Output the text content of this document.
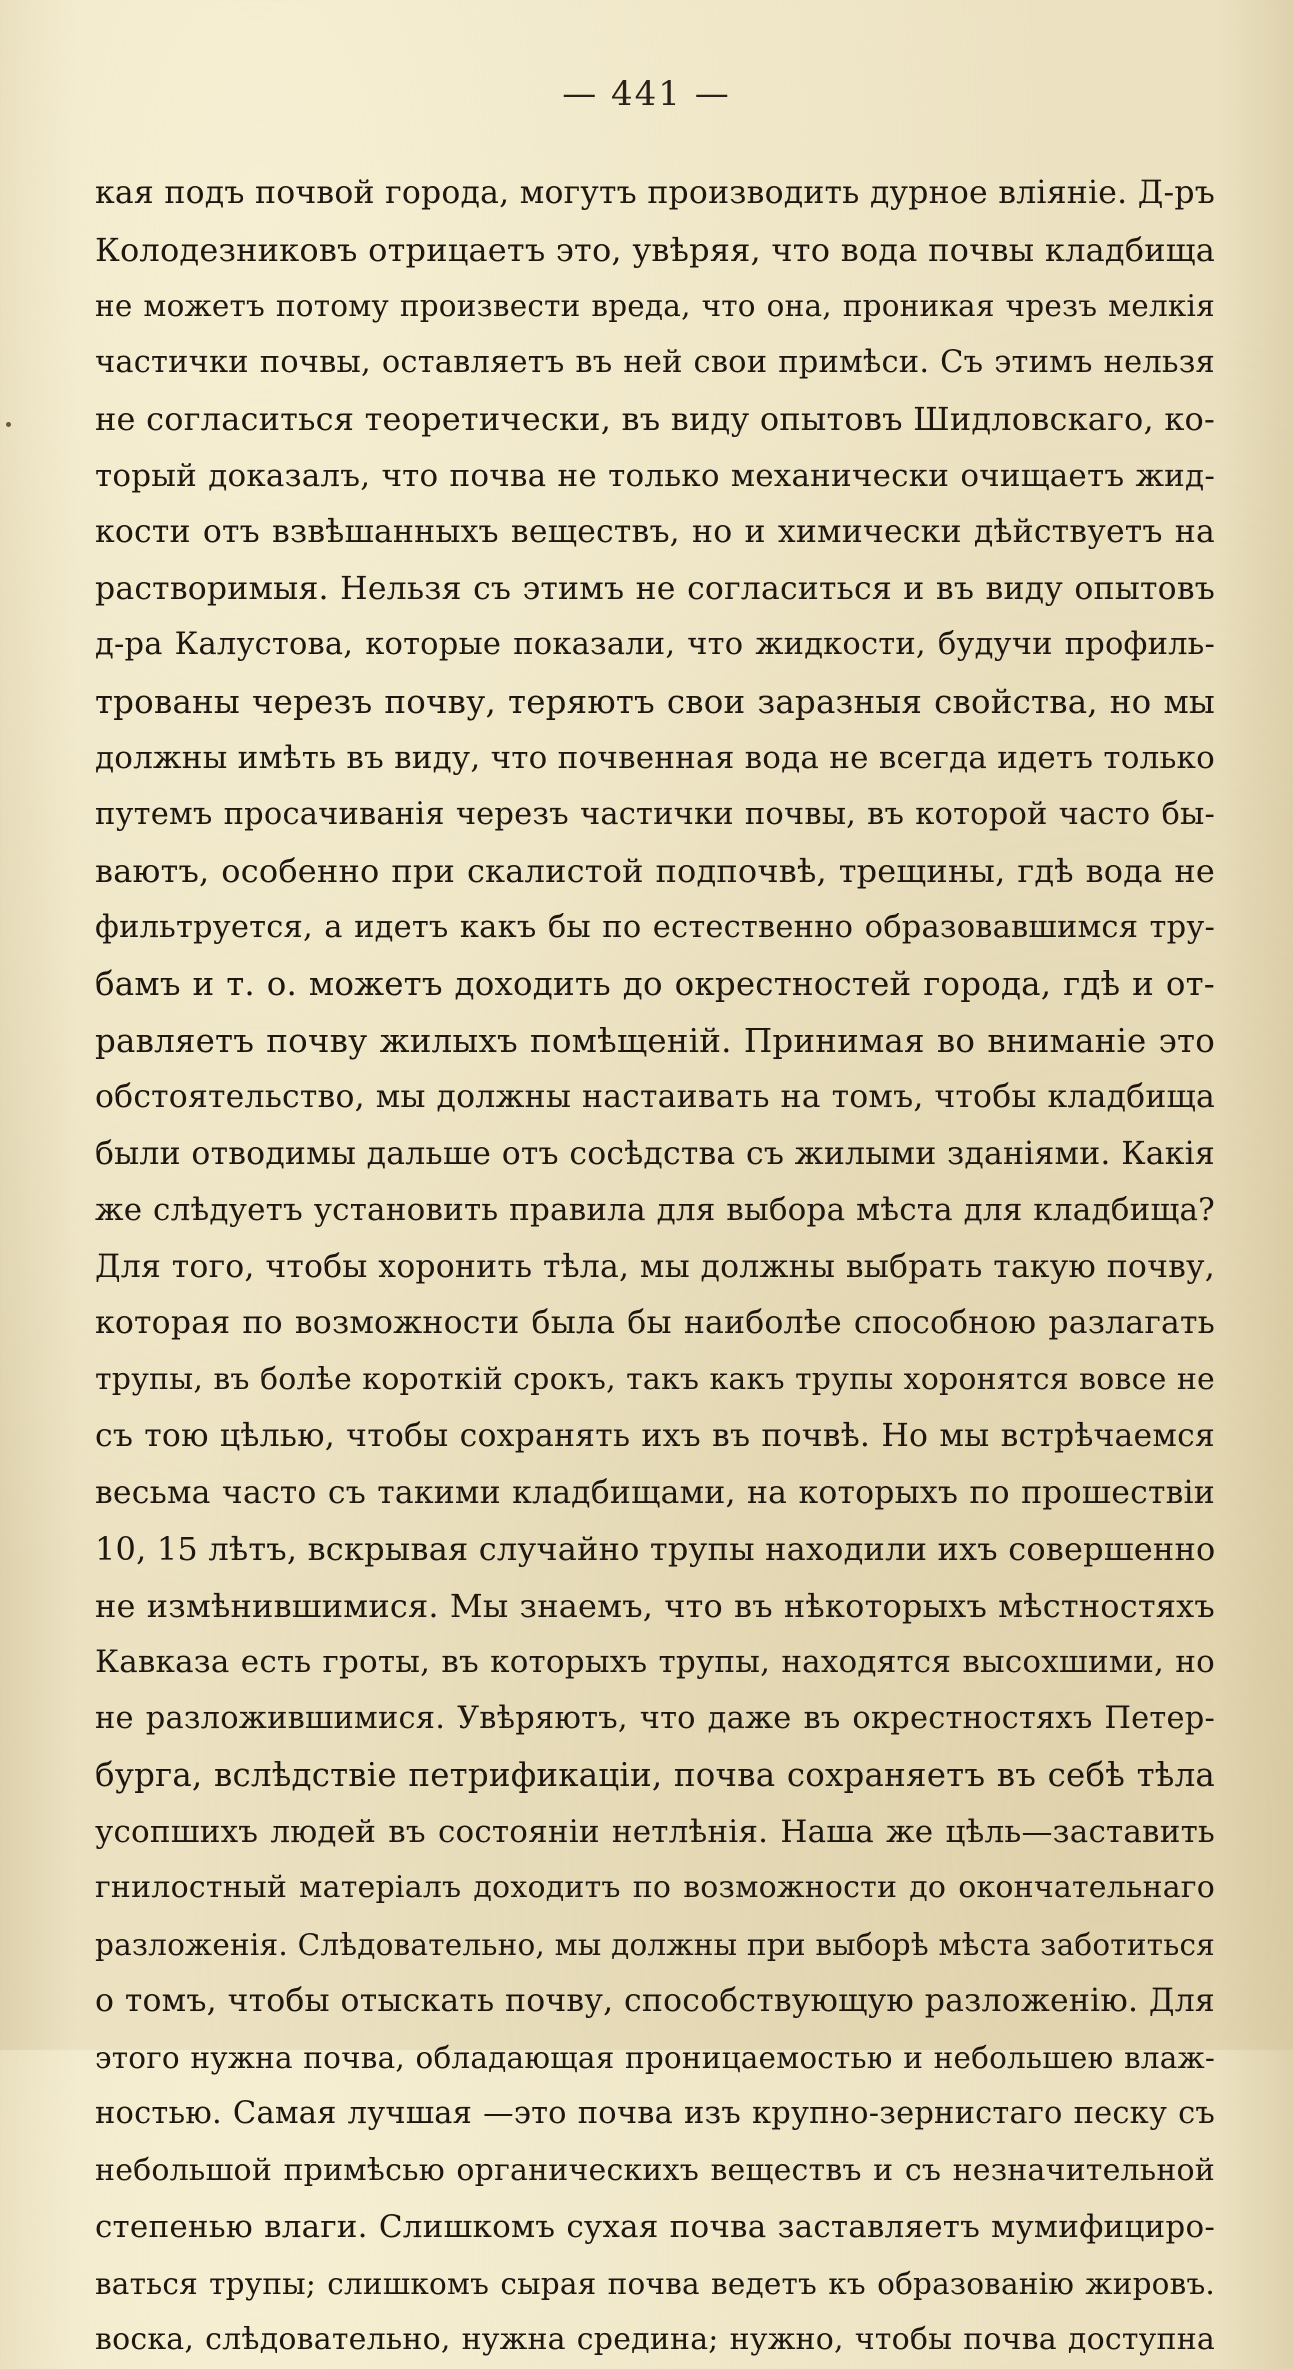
— 441 —
кая подъ почвой города, могутъ производить дурное вліяніе. Д-ръ
Колодезниковъ отрицаетъ это, увѣряя, что вода почвы кладбища
не можетъ потому произвести вреда, что она, проникая чрезъ мелкія
частички почвы, оставляетъ въ ней свои примѣси. Съ этимъ нельзя
не согласиться теоретически, въ виду опытовъ Шидловскаго, ко-
торый доказалъ, что почва не только механически очищаетъ жид-
кости отъ взвѣшанныхъ веществъ, но и химически дѣйствуетъ на
растворимыя. Нельзя съ этимъ не согласиться и въ виду опытовъ
д-ра Калустова, которые показали, что жидкости, будучи профиль-
трованы черезъ почву, теряютъ свои заразныя свойства, но мы
должны имѣть въ виду, что почвенная вода не всегда идетъ только
путемъ просачиванія черезъ частички почвы, въ которой часто бы-
ваютъ, особенно при скалистой подпочвѣ, трещины, гдѣ вода не
фильтруется, а идетъ какъ бы по естественно образовавшимся тру-
бамъ и т. о. можетъ доходить до окрестностей города, гдѣ и от-
равляетъ почву жилыхъ помѣщеній. Принимая во вниманіе это
обстоятельство, мы должны настаивать на томъ, чтобы кладбища
были отводимы дальше отъ сосѣдства съ жилыми зданіями. Какія
же слѣдуетъ установить правила для выбора мѣста для кладбища?
Для того, чтобы хоронить тѣла, мы должны выбрать такую почву,
которая по возможности была бы наиболѣе способною разлагать
трупы, въ болѣе короткій срокъ, такъ какъ трупы хоронятся вовсе не
съ тою цѣлью, чтобы сохранять ихъ въ почвѣ. Но мы встрѣчаемся
весьма часто съ такими кладбищами, на которыхъ по прошествіи
10, 15 лѣтъ, вскрывая случайно трупы находили ихъ совершенно
не измѣнившимися. Мы знаемъ, что въ нѣкоторыхъ мѣстностяхъ
Кавказа есть гроты, въ которыхъ трупы, находятся высохшими, но
не разложившимися. Увѣряютъ, что даже въ окрестностяхъ Петер-
бурга, вслѣдствіе петрификаціи, почва сохраняетъ въ себѣ тѣла
усопшихъ людей въ состояніи нетлѣнія. Наша же цѣль—заставить
гнилостный матеріалъ доходитъ по возможности до окончательнаго
разложенія. Слѣдовательно, мы должны при выборѣ мѣста заботиться
о томъ, чтобы отыскать почву, способствующую разложенію. Для
этого нужна почва, обладающая проницаемостью и небольшею влаж-
ностью. Самая лучшая —это почва изъ крупно-зернистаго песку съ
небольшой примѣсью органическихъ веществъ и съ незначительной
степенью влаги. Слишкомъ сухая почва заставляетъ мумифициро-
ваться трупы; слишкомъ сырая почва ведетъ къ образованію жировъ.
воска, слѣдовательно, нужна средина; нужно, чтобы почва доступна
